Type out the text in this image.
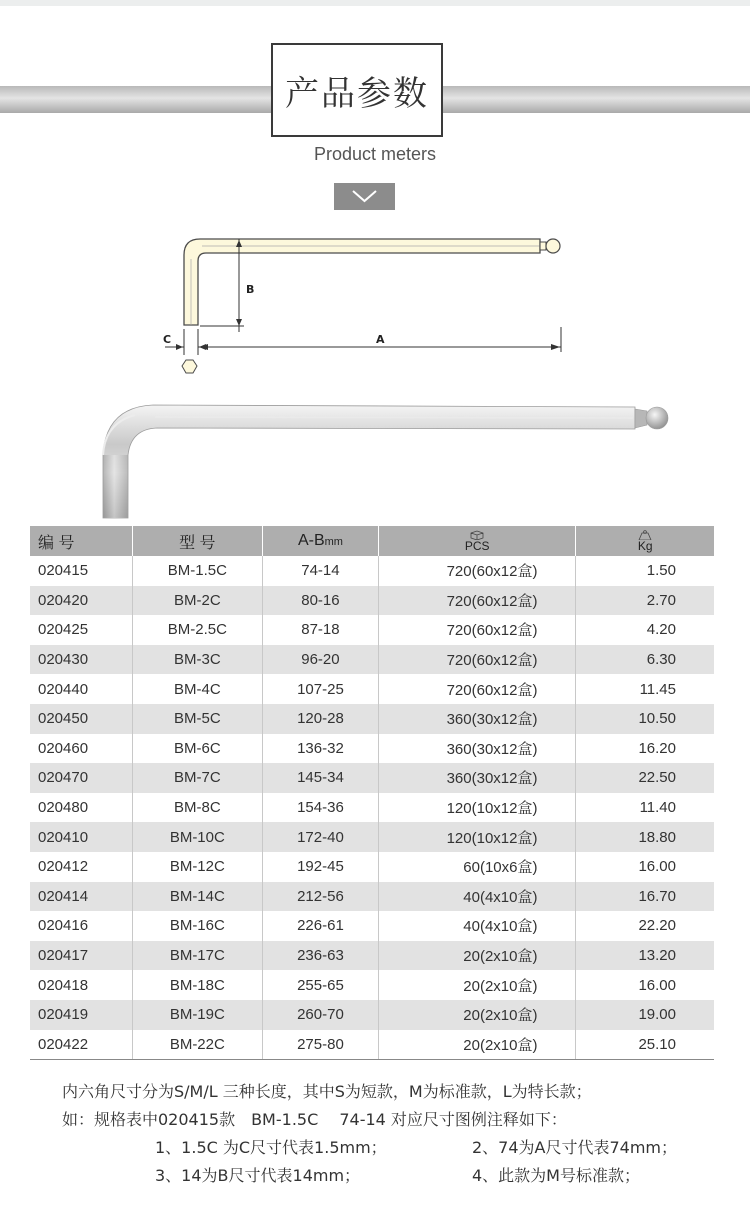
产品参数
Product meters
B
A
C
编 号	型 号	A-Bmm	PCS	Kg

020415	BM-1.5C	74-14	720(60x12盒)	1.50
020420	BM-2C	80-16	720(60x12盒)	2.70
020425	BM-2.5C	87-18	720(60x12盒)	4.20
020430	BM-3C	96-20	720(60x12盒)	6.30
020440	BM-4C	107-25	720(60x12盒)	11.45
020450	BM-5C	120-28	360(30x12盒)	10.50
020460	BM-6C	136-32	360(30x12盒)	16.20
020470	BM-7C	145-34	360(30x12盒)	22.50
020480	BM-8C	154-36	120(10x12盒)	11.40
020410	BM-10C	172-40	120(10x12盒)	18.80
020412	BM-12C	192-45	60(10x6盒)	16.00
020414	BM-14C	212-56	40(4x10盒)	16.70
020416	BM-16C	226-61	40(4x10盒)	22.20
020417	BM-17C	236-63	20(2x10盒)	13.20
020418	BM-18C	255-65	20(2x10盒)	16.00
020419	BM-19C	260-70	20(2x10盒)	19.00
020422	BM-22C	275-80	20(2x10盒)	25.10
内六角尺寸分为S/M/L 三种长度，其中S为短款，M为标准款，L为特长款；
如：规格表中020415款　BM-1.5C　 74-14 对应尺寸图例注释如下：
1、1.5C 为C尺寸代表1.5mm；	2、74为A尺寸代表74mm；
3、14为B尺寸代表14mm；	4、此款为M号标准款；
